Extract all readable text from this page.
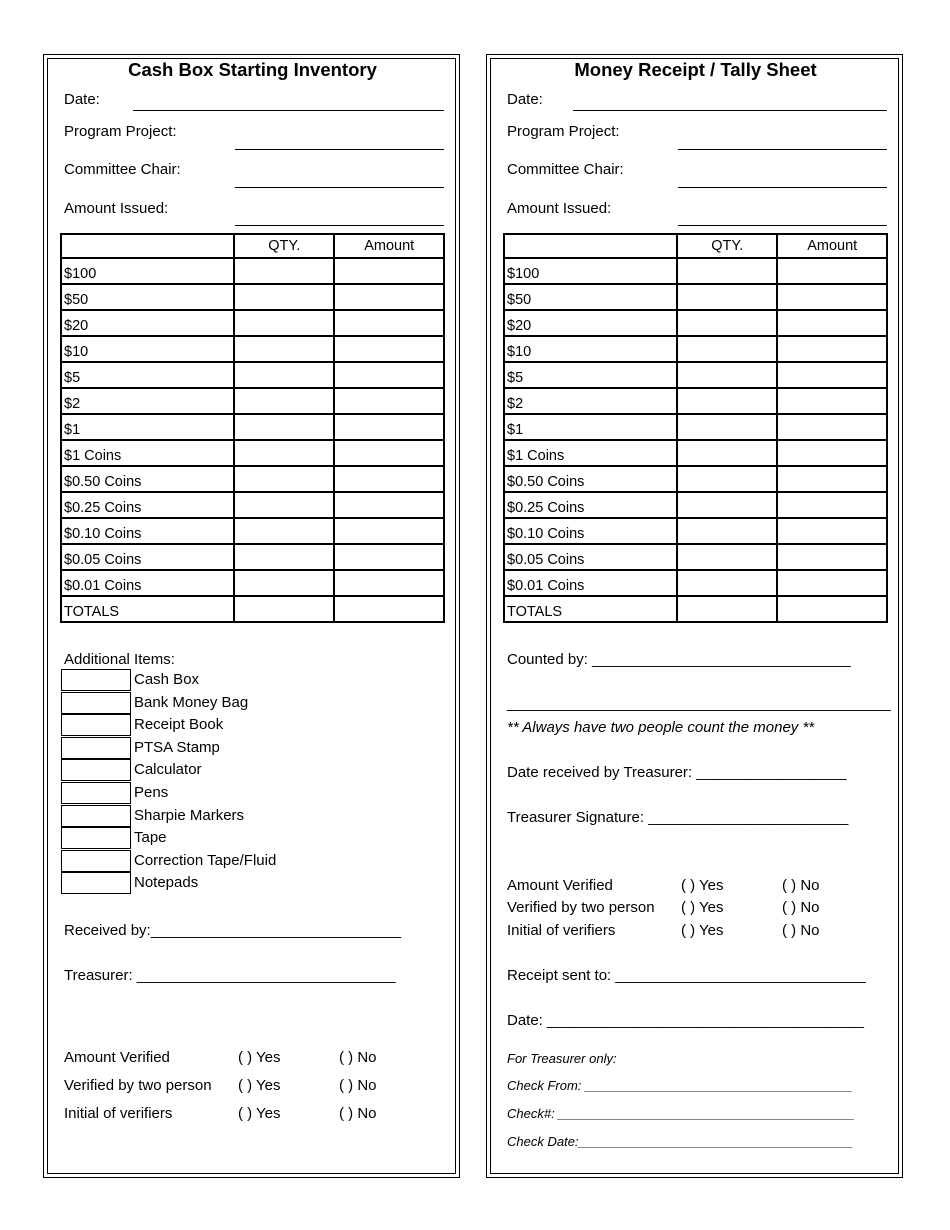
Cash Box Starting Inventory
Date:
Program Project:
Committee Chair:
Amount Issued:
	QTY.	Amount
$100		
$50		
$20		
$10		
$5		
$2		
$1		
$1 Coins		
$0.50 Coins		
$0.25 Coins		
$0.10 Coins		
$0.05 Coins		
$0.01 Coins		
TOTALS		
Additional Items:
Cash Box
Bank Money Bag
Receipt Book
PTSA Stamp
Calculator
Pens
Sharpie Markers
Tape
Correction Tape/Fluid
Notepads
Received by:______________________________
Treasurer: _______________________________
Amount Verified	( ) Yes	( ) No
Verified by two person ( ) Yes	( ) No
Initial of verifiers	( ) Yes	( ) No
Money Receipt / Tally Sheet
Date:
Program Project:
Committee Chair:
Amount Issued:
	QTY.	Amount
$100		
$50		
$20		
$10		
$5		
$2		
$1		
$1 Coins		
$0.50 Coins		
$0.25 Coins		
$0.10 Coins		
$0.05 Coins		
$0.01 Coins		
TOTALS		
Counted by: _______________________________
______________________________________________
** Always have two people count the money **
Date received by Treasurer: __________________
Treasurer Signature: ________________________
Amount Verified	( ) Yes	( ) No
Verified by two person ( ) Yes	( ) No
Initial of verifiers	( ) Yes	( ) No
Receipt sent to: ______________________________
Date: ______________________________________
For Treasurer only:
Check From: _____________________________________
Check#: _________________________________________
Check Date:______________________________________
